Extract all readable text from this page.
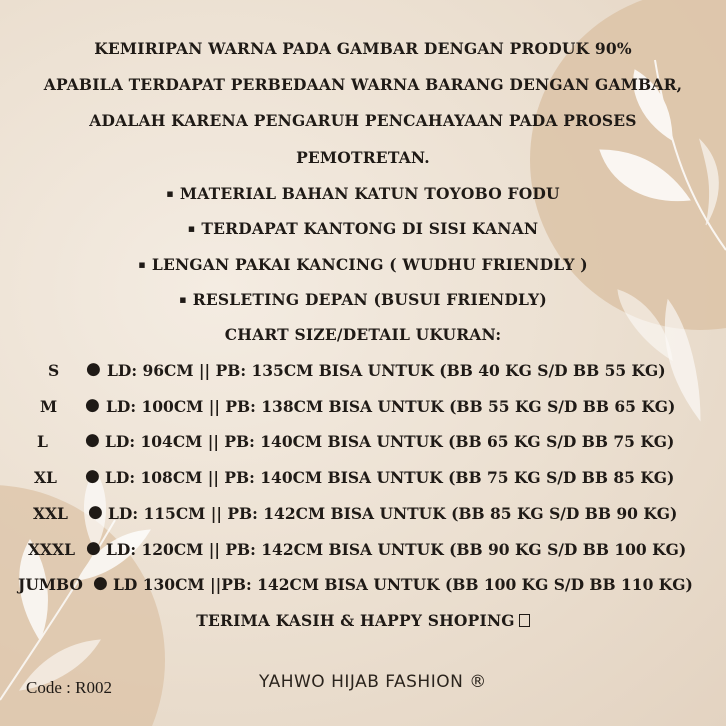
KEMIRIPAN WARNA PADA GAMBAR DENGAN PRODUK 90%
APABILA TERDAPAT PERBEDAAN WARNA BARANG DENGAN GAMBAR,
ADALAH KARENA PENGARUH PENCAHAYAAN PADA PROSES
PEMOTRETAN.
▪ MATERIAL BAHAN KATUN TOYOBO FODU
▪ TERDAPAT KANTONG DI SISI KANAN
▪ LENGAN PAKAI KANCING ( WUDHU FRIENDLY )
▪ RESLETING DEPAN (BUSUI FRIENDLY)
CHART SIZE/DETAIL UKURAN:
S ● LD: 96CM || PB: 135CM BISA UNTUK (BB 40 KG S/D BB 55 KG)
M ● LD: 100CM || PB: 138CM BISA UNTUK (BB 55 KG S/D BB 65 KG)
L ● LD: 104CM || PB: 140CM BISA UNTUK (BB 65 KG S/D BB 75 KG)
XL ● LD: 108CM || PB: 140CM BISA UNTUK (BB 75 KG S/D BB 85 KG)
XXL ● LD: 115CM || PB: 142CM BISA UNTUK (BB 85 KG S/D BB 90 KG)
XXXL ● LD: 120CM || PB: 142CM BISA UNTUK (BB 90 KG S/D BB 100 KG)
JUMBO ● LD 130CM ||PB: 142CM BISA UNTUK (BB 100 KG S/D BB 110 KG)
TERIMA KASIH & HAPPY SHOPING
Code : R002	YAHWO HIJAB FASHION ®
